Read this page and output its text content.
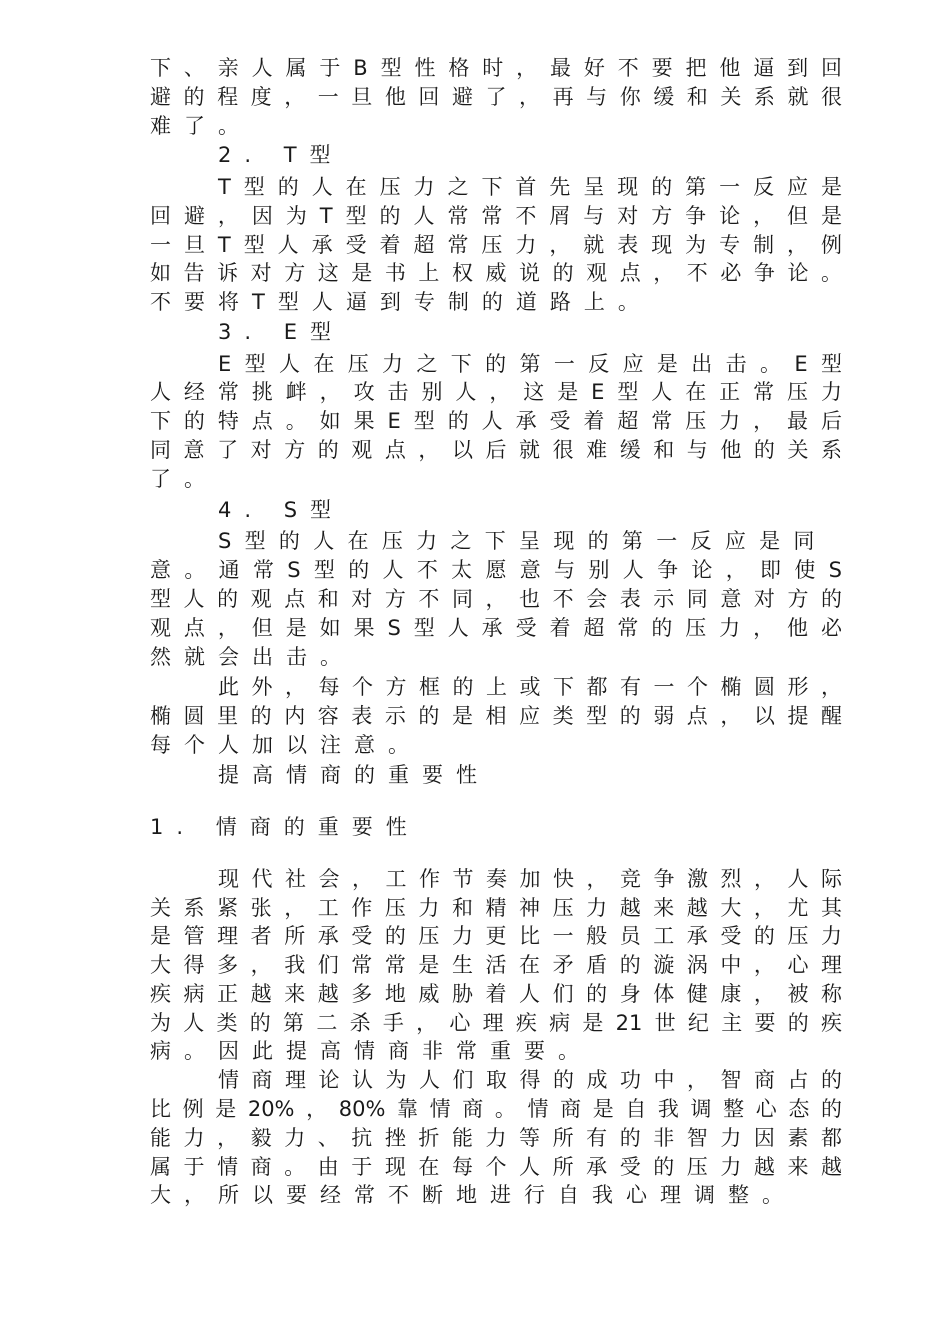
下、亲人属于B型性格时，最好不要把他逼到回
避的程度，一旦他回避了，再与你缓和关系就很
难了。
2. T型
T型的人在压力之下首先呈现的第一反应是
回避，因为T型的人常常不屑与对方争论，但是
一旦T型人承受着超常压力，就表现为专制，例
如告诉对方这是书上权威说的观点，不必争论。
不要将T型人逼到专制的道路上。
3. E型
E型人在压力之下的第一反应是出击。E型
人经常挑衅，攻击别人，这是E型人在正常压力
下的特点。如果E型的人承受着超常压力，最后
同意了对方的观点，以后就很难缓和与他的关系
了。
4. S型
S型的人在压力之下呈现的第一反应是同
意。通常S型的人不太愿意与别人争论，即使S
型人的观点和对方不同，也不会表示同意对方的
观点，但是如果S型人承受着超常的压力，他必
然就会出击。
此外，每个方框的上或下都有一个椭圆形，
椭圆里的内容表示的是相应类型的弱点，以提醒
每个人加以注意。
提高情商的重要性
1. 情商的重要性
现代社会，工作节奏加快，竞争激烈，人际
关系紧张，工作压力和精神压力越来越大，尤其
是管理者所承受的压力更比一般员工承受的压力
大得多，我们常常是生活在矛盾的漩涡中，心理
疾病正越来越多地威胁着人们的身体健康，被称
为人类的第二杀手，心理疾病是21世纪主要的疾
病。因此提高情商非常重要。
情商理论认为人们取得的成功中，智商占的
比例是20%，80%靠情商。情商是自我调整心态的
能力，毅力、抗挫折能力等所有的非智力因素都
属于情商。由于现在每个人所承受的压力越来越
大，所以要经常不断地进行自我心理调整。
